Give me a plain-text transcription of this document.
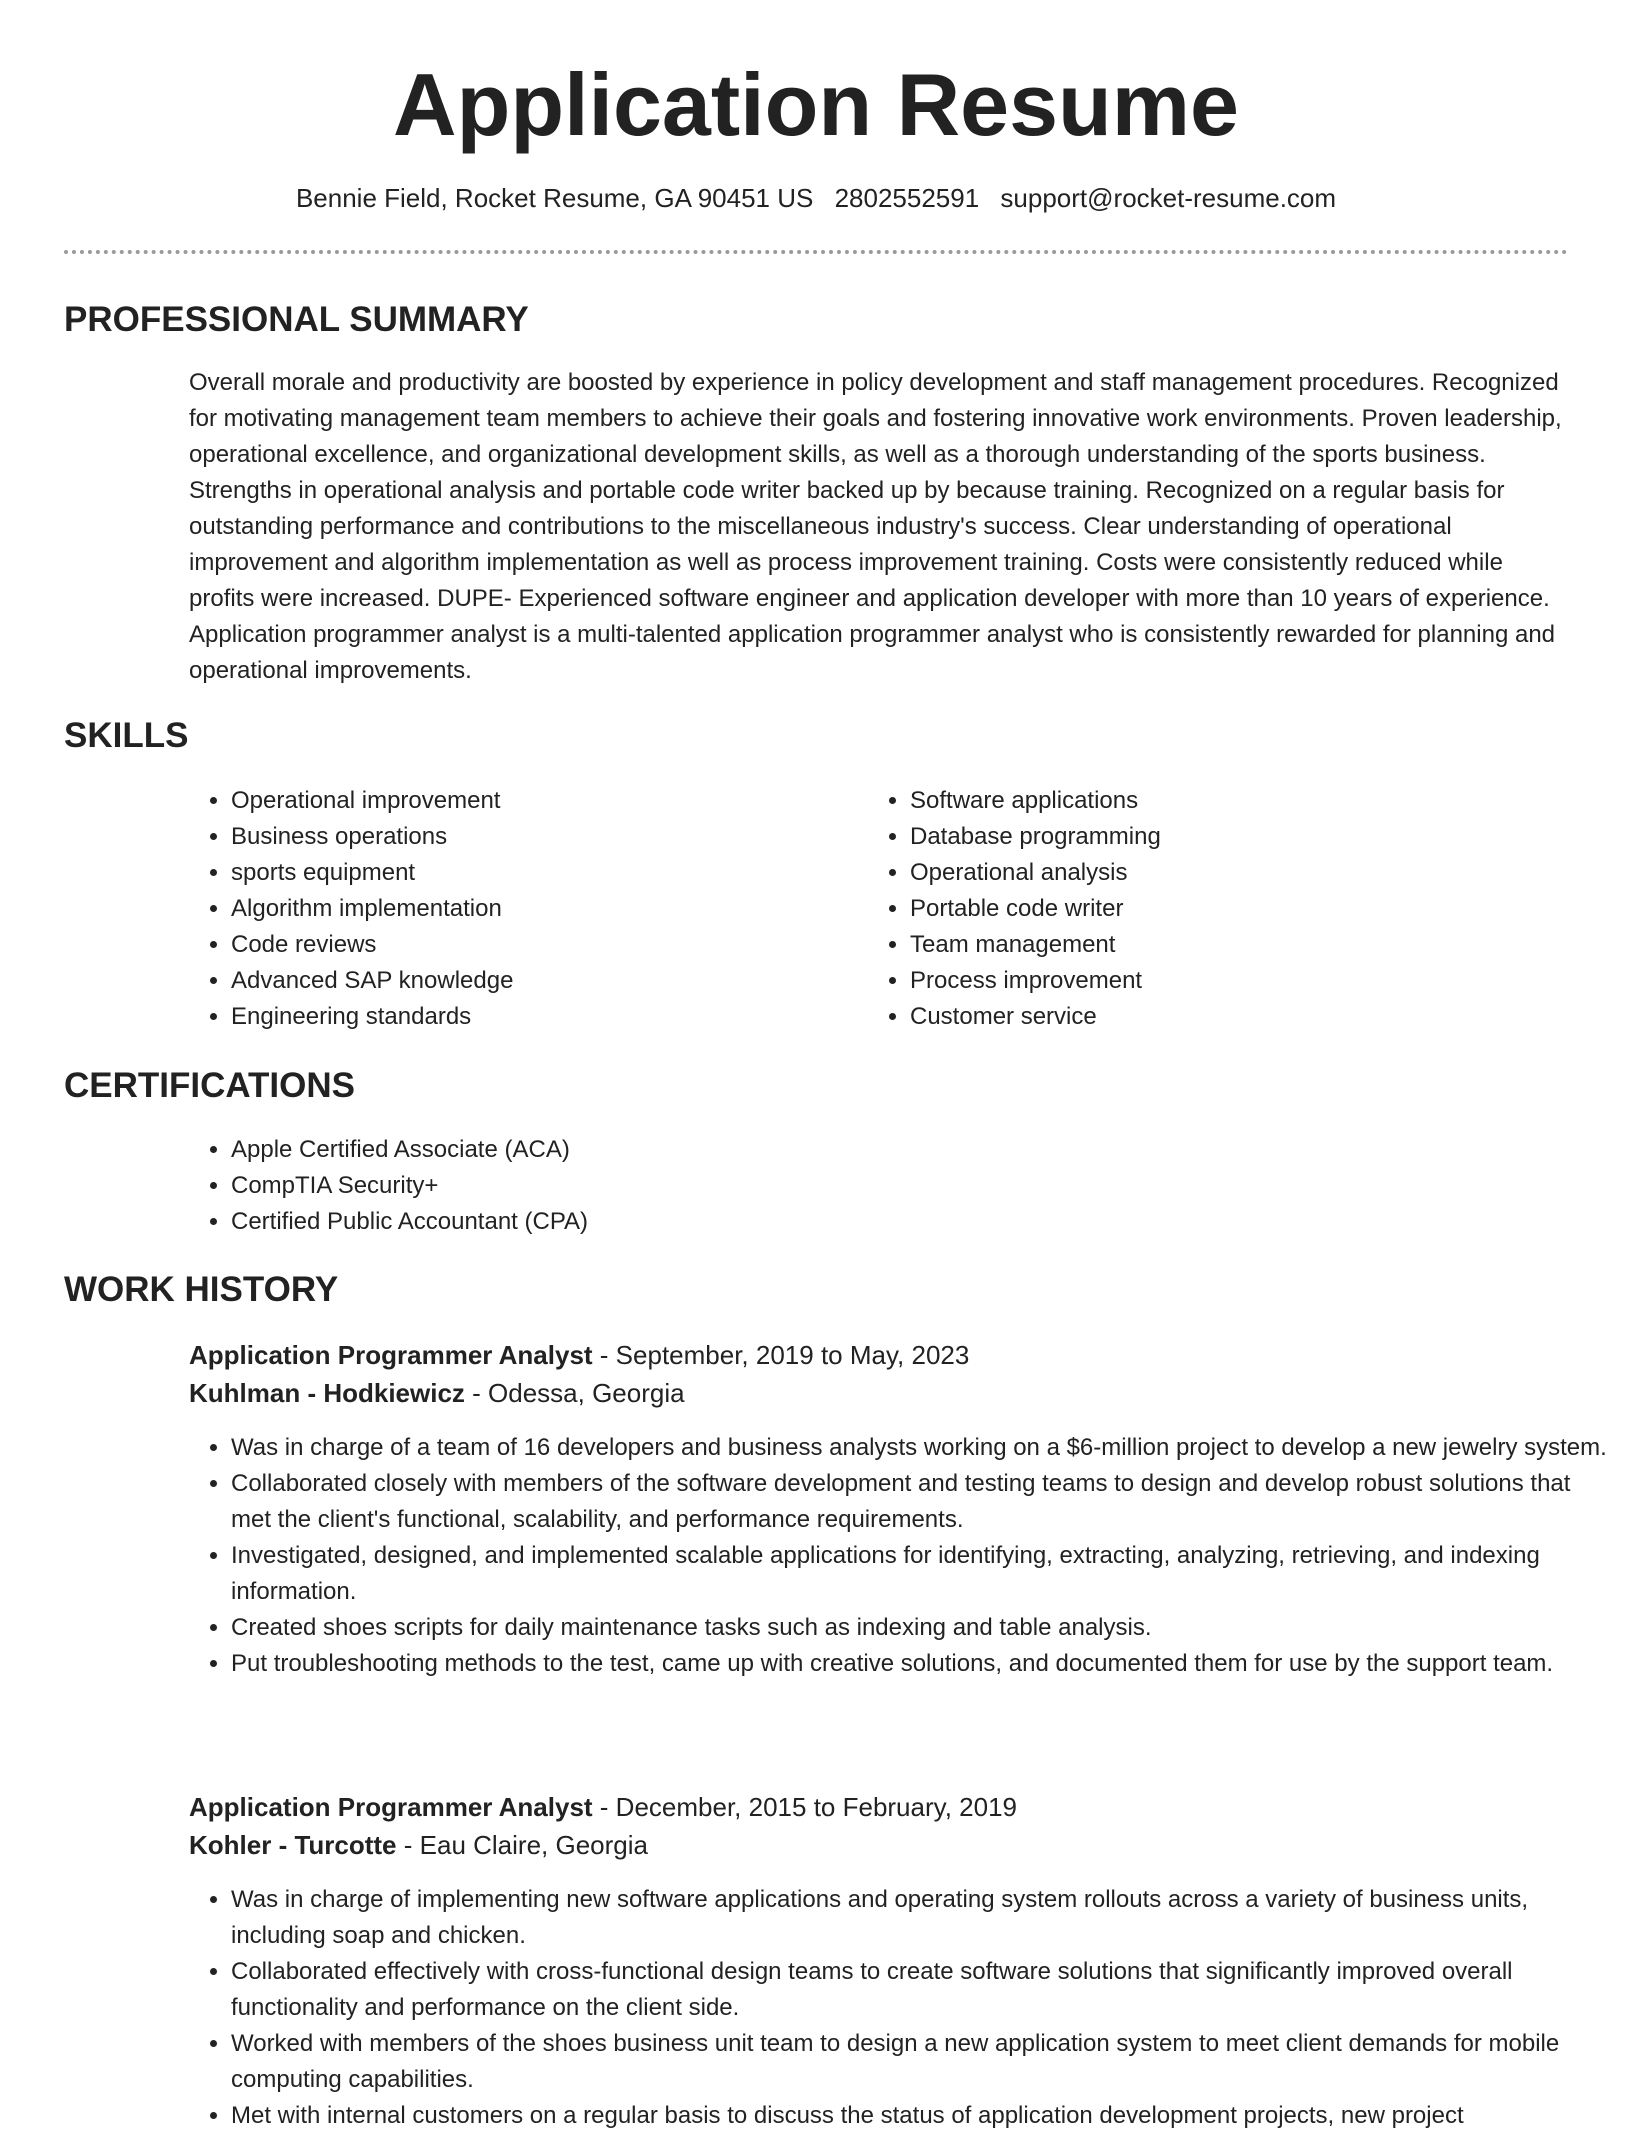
Application Resume
Bennie Field, Rocket Resume, GA 90451 US 2802552591 support@rocket-resume.com
PROFESSIONAL SUMMARY

Overall morale and productivity are boosted by experience in policy development and staff management procedures. Recognized for motivating management team members to achieve their goals and fostering innovative work environments. Proven leadership, operational excellence, and organizational development skills, as well as a thorough understanding of the sports business. Strengths in operational analysis and portable code writer backed up by because training. Recognized on a regular basis for outstanding performance and contributions to the miscellaneous industry's success. Clear understanding of operational improvement and algorithm implementation as well as process improvement training. Costs were consistently reduced while profits were increased. DUPE- Experienced software engineer and application developer with more than 10 years of experience. Application programmer analyst is a multi-talented application programmer analyst who is consistently rewarded for planning and operational improvements.

SKILLS
• Operational improvement
• Business operations
• sports equipment
• Algorithm implementation
• Code reviews
• Advanced SAP knowledge
• Engineering standards
• Software applications
• Database programming
• Operational analysis
• Portable code writer
• Team management
• Process improvement
• Customer service
CERTIFICATIONS
• Apple Certified Associate (ACA)
• CompTIA Security+
• Certified Public Accountant (CPA)
WORK HISTORY
Application Programmer Analyst - September, 2019 to May, 2023
Kuhlman - Hodkiewicz - Odessa, Georgia
• Was in charge of a team of 16 developers and business analysts working on a $6-million project to develop a new jewelry system.
• Collaborated closely with members of the software development and testing teams to design and develop robust solutions that met the client's functional, scalability, and performance requirements.
• Investigated, designed, and implemented scalable applications for identifying, extracting, analyzing, retrieving, and indexing information.
• Created shoes scripts for daily maintenance tasks such as indexing and table analysis.
• Put troubleshooting methods to the test, came up with creative solutions, and documented them for use by the support team.
Application Programmer Analyst - December, 2015 to February, 2019
Kohler - Turcotte - Eau Claire, Georgia
• Was in charge of implementing new software applications and operating system rollouts across a variety of business units, including soap and chicken.
• Collaborated effectively with cross-functional design teams to create software solutions that significantly improved overall functionality and performance on the client side.
• Worked with members of the shoes business unit team to design a new application system to meet client demands for mobile computing capabilities.
• Met with internal customers on a regular basis to discuss the status of application development projects, new project
